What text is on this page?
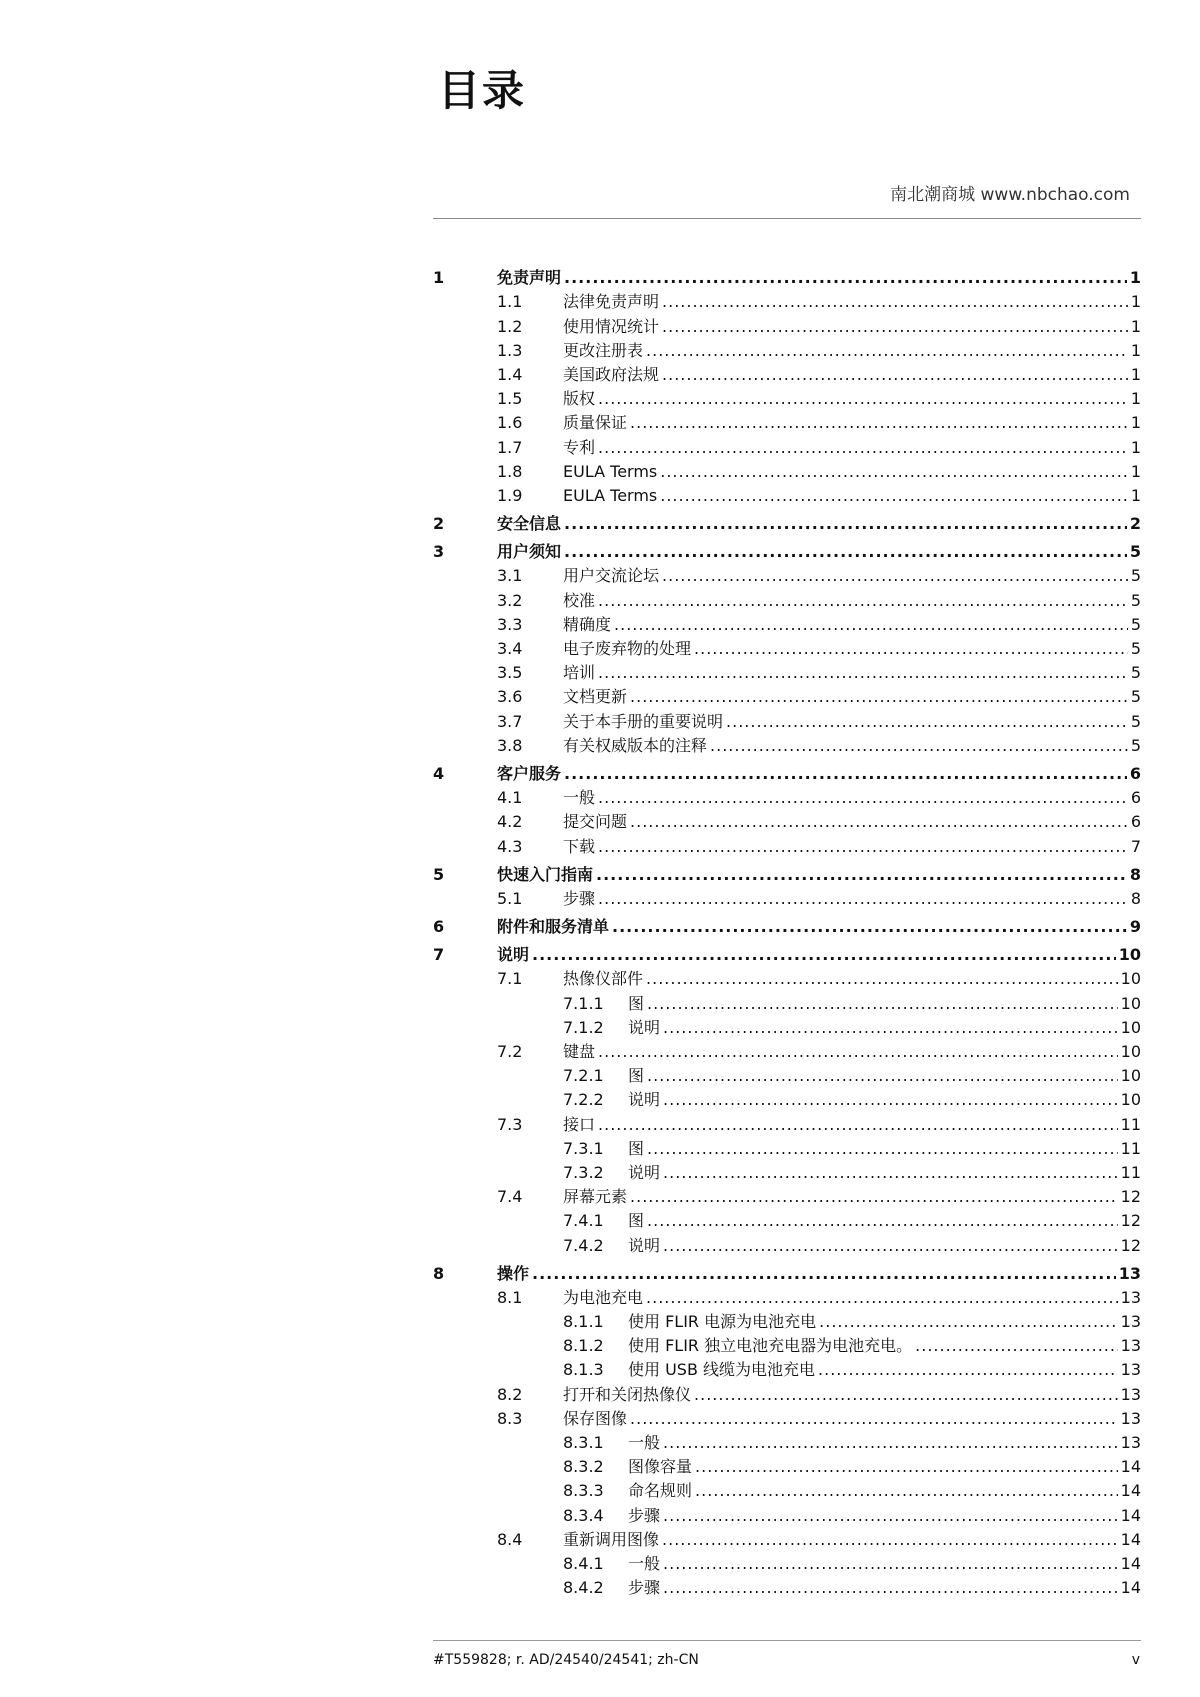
目录
南北潮商城 www.nbchao.com
1	免责声明 .....	1
1.1	法律免责声明 .....	1
1.2	使用情况统计 .....	1
1.3	更改注册表 .....	1
1.4	美国政府法规 .....	1
1.5	版权 .....	1
1.6	质量保证 .....	1
1.7	专利 .....	1
1.8	EULA Terms .....	1
1.9	EULA Terms .....	1
2	安全信息 .....	2
3	用户须知 .....	5
3.1	用户交流论坛 .....	5
3.2	校准 .....	5
3.3	精确度 .....	5
3.4	电子废弃物的处理 .....	5
3.5	培训 .....	5
3.6	文档更新 .....	5
3.7	关于本手册的重要说明 .....	5
3.8	有关权威版本的注释 .....	5
4	客户服务 .....	6
4.1	一般 .....	6
4.2	提交问题 .....	6
4.3	下载 .....	7
5	快速入门指南 .....	8
5.1	步骤 .....	8
6	附件和服务清单 .....	9
7	说明 .....	10
7.1	热像仪部件 .....	10
7.1.1 图 .....	10
7.1.2 说明 .....	10
7.2	键盘 .....	10
7.2.1 图 .....	10
7.2.2 说明 .....	10
7.3	接口 .....	11
7.3.1 图 .....	11
7.3.2 说明 .....	11
7.4	屏幕元素 .....	12
7.4.1 图 .....	12
7.4.2 说明 .....	12
8	操作 .....	13
8.1	为电池充电 .....	13
8.1.1 使用 FLIR 电源为电池充电 .....	13
8.1.2 使用 FLIR 独立电池充电器为电池充电。 .....	13
8.1.3 使用 USB 线缆为电池充电 .....	13
8.2	打开和关闭热像仪 .....	13
8.3	保存图像 .....	13
8.3.1 一般 .....	13
8.3.2 图像容量 .....	14
8.3.3 命名规则 .....	14
8.3.4 步骤 .....	14
8.4	重新调用图像 .....	14
8.4.1 一般 .....	14
8.4.2 步骤 .....	14
#T559828; r. AD/24540/24541; zh-CN	v
